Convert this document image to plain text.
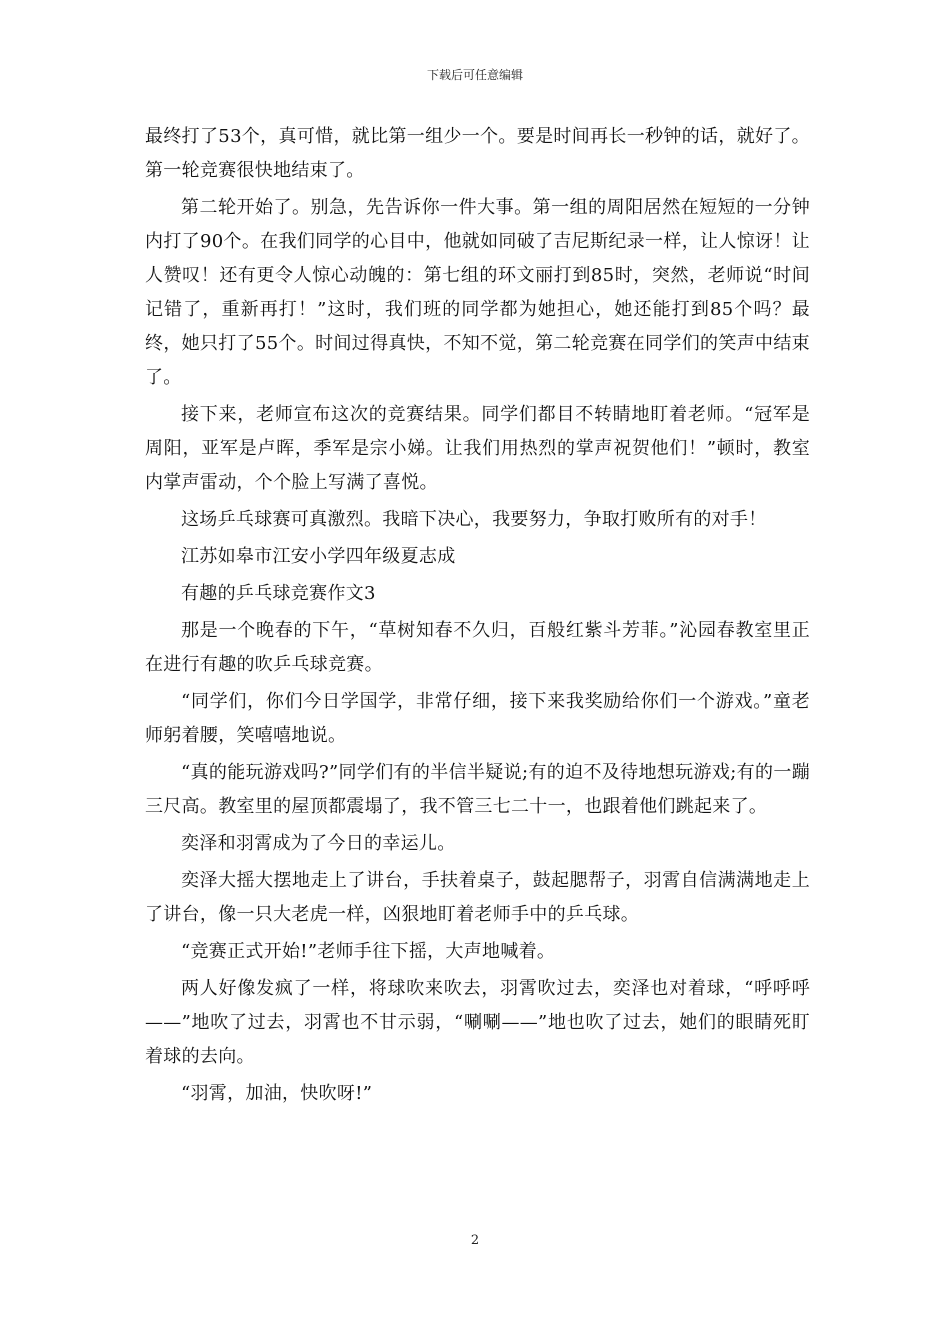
下载后可任意编辑

最终打了53个，真可惜，就比第一组少一个。要是时间再长一秒钟的话，就好了。第一轮竞赛很快地结束了。

第二轮开始了。别急，先告诉你一件大事。第一组的周阳居然在短短的一分钟内打了90个。在我们同学的心目中，他就如同破了吉尼斯纪录一样，让人惊讶！让人赞叹！还有更令人惊心动魄的：第七组的环文丽打到85时，突然，老师说“时间记错了，重新再打！”这时，我们班的同学都为她担心，她还能打到85个吗？最终，她只打了55个。时间过得真快，不知不觉，第二轮竞赛在同学们的笑声中结束了。

接下来，老师宣布这次的竞赛结果。同学们都目不转睛地盯着老师。“冠军是周阳，亚军是卢晖，季军是宗小娣。让我们用热烈的掌声祝贺他们！”顿时，教室内掌声雷动，个个脸上写满了喜悦。

这场乒乓球赛可真激烈。我暗下决心，我要努力，争取打败所有的对手！

江苏如皋市江安小学四年级夏志成

有趣的乒乓球竞赛作文3

那是一个晚春的下午，“草树知春不久归，百般红紫斗芳菲。”沁园春教室里正在进行有趣的吹乒乓球竞赛。

“同学们，你们今日学国学，非常仔细，接下来我奖励给你们一个游戏。”童老师躬着腰，笑嘻嘻地说。

“真的能玩游戏吗?”同学们有的半信半疑说;有的迫不及待地想玩游戏;有的一蹦三尺高。教室里的屋顶都震塌了，我不管三七二十一，也跟着他们跳起来了。

奕泽和羽霄成为了今日的幸运儿。

奕泽大摇大摆地走上了讲台，手扶着桌子，鼓起腮帮子，羽霄自信满满地走上了讲台，像一只大老虎一样，凶狠地盯着老师手中的乒乓球。

“竞赛正式开始!”老师手往下摇，大声地喊着。

两人好像发疯了一样，将球吹来吹去，羽霄吹过去，奕泽也对着球，“呼呼呼——”地吹了过去，羽霄也不甘示弱，“唰唰——”地也吹了过去，她们的眼睛死盯着球的去向。

“羽霄，加油，快吹呀!”

2
